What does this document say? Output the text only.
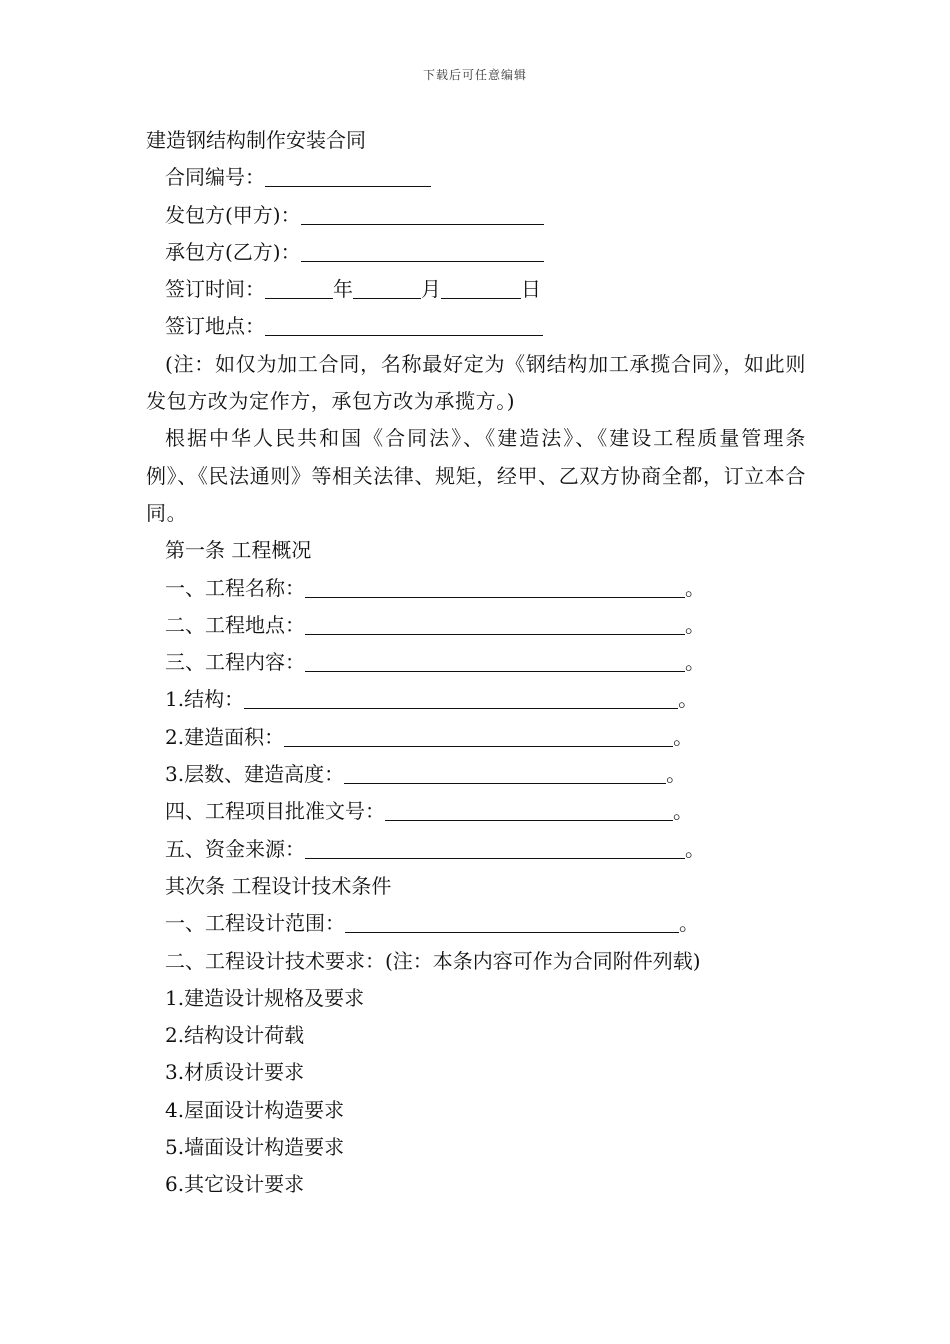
下载后可任意编辑
建造钢结构制作安装合同
合同编号：
发包方(甲方)：
承包方(乙方)：
签订时间：	年	月	日
签订地点：
(注：如仅为加工合同，名称最好定为《钢结构加工承揽合同》，如此则发包方改为定作方，承包方改为承揽方。)
根据中华人民共和国《合同法》、《建造法》、《建设工程质量管理条例》、《民法通则》等相关法律、规矩，经甲、乙双方协商全都，订立本合同。
第一条 工程概况
一、工程名称：	。
二、工程地点：	。
三、工程内容：	。
1.结构：	。
2.建造面积：	。
3.层数、建造高度：	。
四、工程项目批准文号：	。
五、资金来源：	。
其次条 工程设计技术条件
一、工程设计范围：	。
二、工程设计技术要求：(注：本条内容可作为合同附件列载)
1.建造设计规格及要求
2.结构设计荷载
3.材质设计要求
4.屋面设计构造要求
5.墙面设计构造要求
6.其它设计要求
